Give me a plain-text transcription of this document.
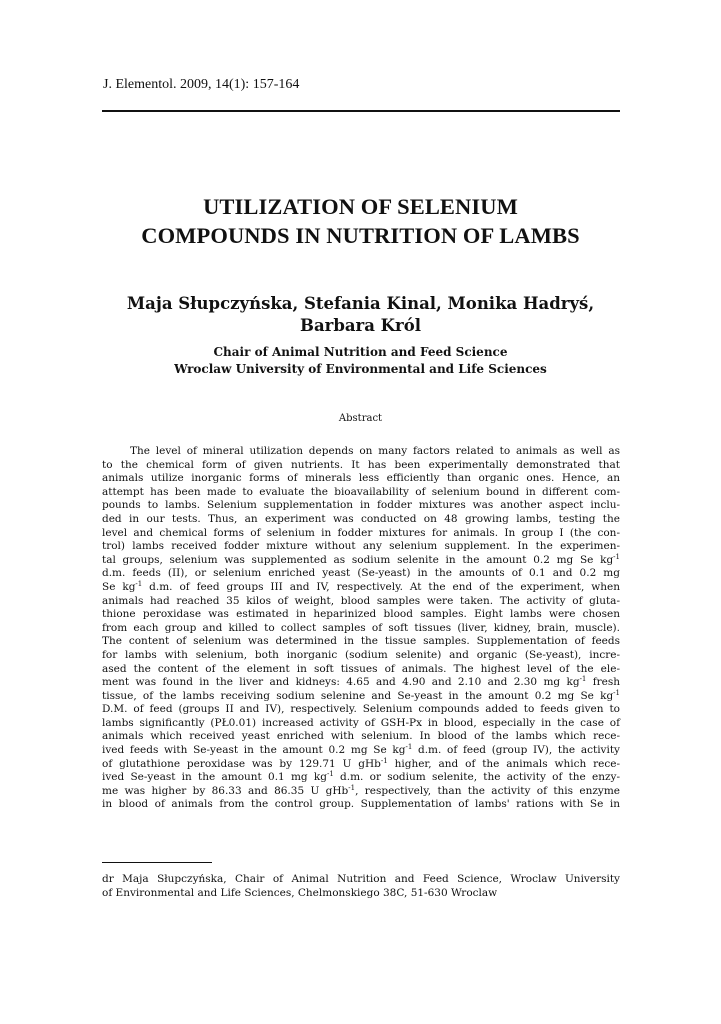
J. Elementol. 2009, 14(1): 157-164
UTILIZATION OF SELENIUM
COMPOUNDS IN NUTRITION OF LAMBS
Maja Słupczyńska, Stefania Kinal, Monika Hadryś,
Barbara Król
Chair of Animal Nutrition and Feed Science
Wroclaw University of Environmental and Life Sciences
Abstract
The level of mineral utilization depends on many factors related to animals as well as
to the chemical form of given nutrients. It has been experimentally demonstrated that
animals utilize inorganic forms of minerals less efficiently than organic ones. Hence, an
attempt has been made to evaluate the bioavailability of selenium bound in different com-
pounds to lambs. Selenium supplementation in fodder mixtures was another aspect inclu-
ded in our tests. Thus, an experiment was conducted on 48 growing lambs, testing the
level and chemical forms of selenium in fodder mixtures for animals. In group I (the con-
trol) lambs received fodder mixture without any selenium supplement. In the experimen-
tal groups, selenium was supplemented as sodium selenite in the amount 0.2 mg Se $kg^{-1}$
d.m. feeds (II), or selenium enriched yeast (Se-yeast) in the amounts of 0.1 and 0.2 mg
Se $kg^{-1}$ d.m. of feed groups III and IV, respectively. At the end of the experiment, when
animals had reached 35 kilos of weight, blood samples were taken. The activity of gluta-
thione peroxidase was estimated in heparinized blood samples. Eight lambs were chosen
from each group and killed to collect samples of soft tissues (liver, kidney, brain, muscle).
The content of selenium was determined in the tissue samples. Supplementation of feeds
for lambs with selenium, both inorganic (sodium selenite) and organic (Se-yeast), incre-
ased the content of the element in soft tissues of animals. The highest level of the ele-
ment was found in the liver and kidneys: 4.65 and 4.90 and 2.10 and 2.30 mg $kg^{-1}$ fresh
tissue, of the lambs receiving sodium selenine and Se-yeast in the amount 0.2 mg Se $kg^{-1}$
D.M. of feed (groups II and IV), respectively. Selenium compounds added to feeds given to
lambs significantly (PŁ0.01) increased activity of GSH-Px in blood, especially in the case of
animals which received yeast enriched with selenium. In blood of the lambs which rece-
ived feeds with Se-yeast in the amount 0.2 mg Se $kg^{-1}$ d.m. of feed (group IV), the activity
of glutathione peroxidase was by 129.71 U gHb$^{-1}$ higher, and of the animals which rece-
ived Se-yeast in the amount 0.1 mg $kg^{-1}$ d.m. or sodium selenite, the activity of the enzy-
me was higher by 86.33 and 86.35 U gHb$^{-1}$, respectively, than the activity of this enzyme
in blood of animals from the control group. Supplementation of lambs' rations with Se in
dr Maja Słupczyńska, Chair of Animal Nutrition and Feed Science, Wroclaw University
of Environmental and Life Sciences, Chelmonskiego 38C, 51-630 Wroclaw
